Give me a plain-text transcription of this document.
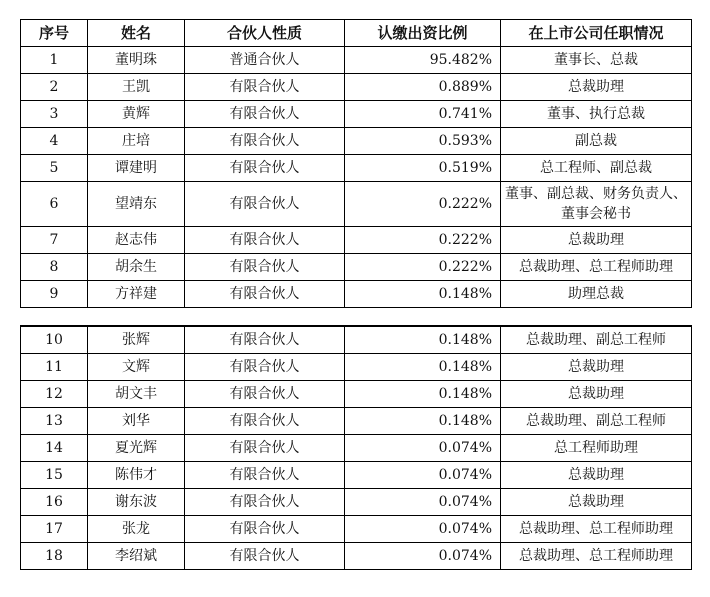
序号	姓名	合伙人性质	认缴出资比例	在上市公司任职情况
1	董明珠	普通合伙人	95.482%	董事长、总裁
2	王凯	有限合伙人	0.889%	总裁助理
3	黄辉	有限合伙人	0.741%	董事、执行总裁
4	庄培	有限合伙人	0.593%	副总裁
5	谭建明	有限合伙人	0.519%	总工程师、副总裁
6	望靖东	有限合伙人	0.222%	董事、副总裁、财务负责人、董事会秘书
7	赵志伟	有限合伙人	0.222%	总裁助理
8	胡余生	有限合伙人	0.222%	总裁助理、总工程师助理
9	方祥建	有限合伙人	0.148%	助理总裁
10	张辉	有限合伙人	0.148%	总裁助理、副总工程师
11	文辉	有限合伙人	0.148%	总裁助理
12	胡文丰	有限合伙人	0.148%	总裁助理
13	刘华	有限合伙人	0.148%	总裁助理、副总工程师
14	夏光辉	有限合伙人	0.074%	总工程师助理
15	陈伟才	有限合伙人	0.074%	总裁助理
16	谢东波	有限合伙人	0.074%	总裁助理
17	张龙	有限合伙人	0.074%	总裁助理、总工程师助理
18	李绍斌	有限合伙人	0.074%	总裁助理、总工程师助理
